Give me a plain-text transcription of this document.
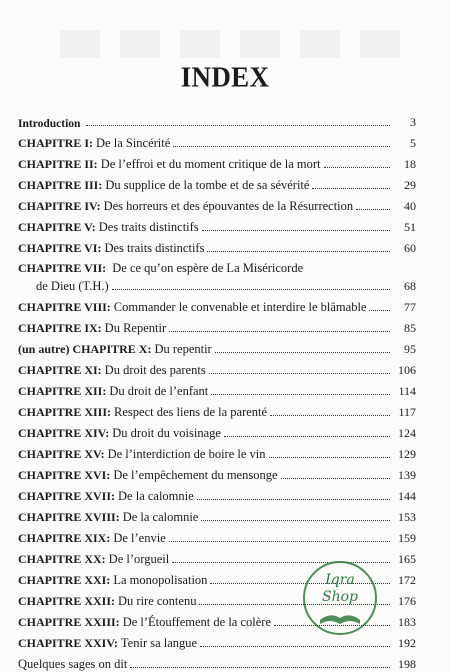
INDEX
Introduction	3
CHAPITRE I: De la Sincérité	5
CHAPITRE II: De l’effroi et du moment critique de la mort	18
CHAPITRE III: Du supplice de la tombe et de sa sévérité	29
CHAPITRE IV: Des horreurs et des épouvantes de la Résurrection	40
CHAPITRE V: Des traits distinctifs	51
CHAPITRE VI: Des traits distinctifs	60
CHAPITRE VII: De ce qu’on espère de La Miséricorde
de Dieu (T.H.)	68
CHAPITRE VIII: Commander le convenable et interdire le blâmable	77
CHAPITRE IX: Du Repentir	85
(un autre) CHAPITRE X: Du repentir	95
CHAPITRE XI: Du droit des parents	106
CHAPITRE XII: Du droit de l’enfant	114
CHAPITRE XIII: Respect des liens de la parenté	117
CHAPITRE XIV: Du droit du voisinage	124
CHAPITRE XV: De l’interdiction de boire le vin	129
CHAPITRE XVI: De l’empêchement du mensonge	139
CHAPITRE XVII: De la calomnie	144
CHAPITRE XVIII: De la calomnie	153
CHAPITRE XIX: De l’envie	159
CHAPITRE XX: De l’orgueil	165
CHAPITRE XXI: La monopolisation	172
CHAPITRE XXII: Du rire contenu	176
CHAPITRE XXIII: De l’Étouffement de la colère	183
CHAPITRE XXIV: Tenir sa langue	192
Quelques sages on dit	198
Iqra
Shop
